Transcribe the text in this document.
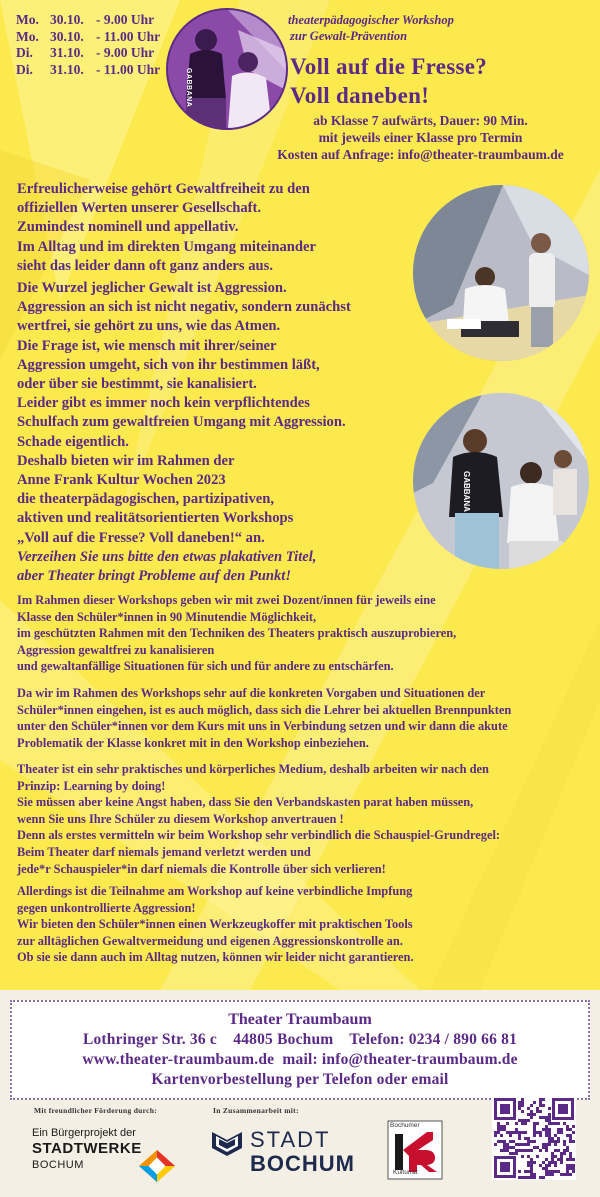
Mo. 30.10. - 9.00 Uhr
Mo. 30.10. - 11.00 Uhr
Di.	31.10. - 9.00 Uhr
Di.	31.10. - 11.00 Uhr	GABBANA
theaterpädagogischer Workshop
zur Gewalt-Prävention
Voll auf die Fresse?
Voll daneben!
ab Klasse 7 aufwärts, Dauer: 90 Min.
mit jeweils einer Klasse pro Termin
Kosten auf Anfrage: info@theater-traumbaum.de
GABBANA
Erfreulicherweise gehört Gewaltfreiheit zu den
offiziellen Werten unserer Gesellschaft.
Zumindest nominell und appellativ.
Im Alltag und im direkten Umgang miteinander
sieht das leider dann oft ganz anders aus.
Die Wurzel jeglicher Gewalt ist Aggression.
Aggression an sich ist nicht negativ, sondern zunächst
wertfrei, sie gehört zu uns, wie das Atmen.
Die Frage ist, wie mensch mit ihrer/seiner
Aggression umgeht, sich von ihr bestimmen läßt,
oder über sie bestimmt, sie kanalisiert.
Leider gibt es immer noch kein verpflichtendes
Schulfach zum gewaltfreien Umgang mit Aggression.
Schade eigentlich.
Deshalb bieten wir im Rahmen der
Anne Frank Kultur Wochen 2023
die theaterpädagogischen, partizipativen,
aktiven und realitätsorientierten Workshops
„Voll auf die Fresse? Voll daneben!“ an.
Verzeihen Sie uns bitte den etwas plakativen Titel,
aber Theater bringt Probleme auf den Punkt!
Im Rahmen dieser Workshops geben wir mit zwei Dozent/innen für jeweils eine
Klasse den Schüler*innen in 90 Minutendie Möglichkeit,
im geschützten Rahmen mit den Techniken des Theaters praktisch auszuprobieren,
Aggression gewaltfrei zu kanalisieren
und gewaltanfällige Situationen für sich und für andere zu entschärfen.
Da wir im Rahmen des Workshops sehr auf die konkreten Vorgaben und Situationen der
Schüler*innen eingehen, ist es auch möglich, dass sich die Lehrer bei aktuellen Brennpunkten
unter den Schüler*innen vor dem Kurs mit uns in Verbindung setzen und wir dann die akute
Problematik der Klasse konkret mit in den Workshop einbeziehen.
Theater ist ein sehr praktisches und körperliches Medium, deshalb arbeiten wir nach den
Prinzip: Learning by doing!
Sie müssen aber keine Angst haben, dass Sie den Verbandskasten parat haben müssen,
wenn Sie uns Ihre Schüler zu diesem Workshop anvertrauen !
Denn als erstes vermitteln wir beim Workshop sehr verbindlich die Schauspiel-Grundregel:
Beim Theater darf niemals jemand verletzt werden und
jede*r Schauspieler*in darf niemals die Kontrolle über sich verlieren!
Allerdings ist die Teilnahme am Workshop auf keine verbindliche Impfung
gegen unkontrollierte Aggression!
Wir bieten den Schüler*innen einen Werkzeugkoffer mit praktischen Tools
zur alltäglichen Gewaltvermeidung und eigenen Aggressionskontrolle an.
Ob sie sie dann auch im Alltag nutzen, können wir leider nicht garantieren.
Theater Traumbaum
Lothringer Str. 36 c    44805 Bochum    Telefon: 0234 / 890 66 81
www.theater-traumbaum.de  mail: info@theater-traumbaum.de
Kartenvorbestellung per Telefon oder email
Mit freundlicher Förderung durch:	In Zusammenarbeit mit:
Ein Bürgerprojekt der
STADTWERKE
BOCHUM
STADT
BOCHUM
Bochumer
Kulturrat
